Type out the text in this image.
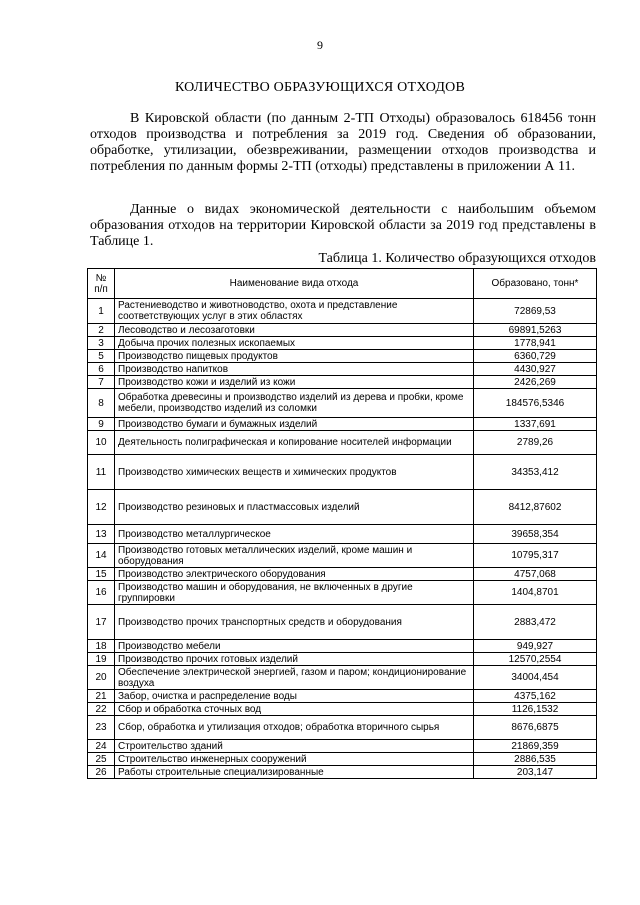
9
КОЛИЧЕСТВО ОБРАЗУЮЩИХСЯ ОТХОДОВ

В Кировской области (по данным 2-ТП Отходы) образовалось 618456 тонн отходов производства и потребления за 2019 год. Сведения об образовании, обработке, утилизации, обезвреживании, размещении отходов производства и потребления по данным формы 2-ТП (отходы) представлены в приложении А 11.

Данные о видах экономической деятельности с наибольшим объемом образования отходов на территории Кировской области за 2019 год представлены в Таблице 1.

Таблица 1. Количество образующихся отходов
№ п/п	Наименование вида отхода	Образовано, тонн*
1	Растениеводство и животноводство, охота и представление соответствующих услуг в этих областях	72869,53
2	Лесоводство и лесозаготовки	69891,5263
3	Добыча прочих полезных ископаемых	1778,941
5	Производство пищевых продуктов	6360,729
6	Производство напитков	4430,927
7	Производство кожи и изделий из кожи	2426,269
8	Обработка древесины и производство изделий из дерева и пробки, кроме мебели, производство изделий из соломки	184576,5346
9	Производство бумаги и бумажных изделий	1337,691
10	Деятельность полиграфическая и копирование носителей информации	2789,26
11	Производство химических веществ и химических продуктов	34353,412
12	Производство резиновых и пластмассовых изделий	8412,87602
13	Производство металлургическое	39658,354
14	Производство готовых металлических изделий, кроме машин и оборудования	10795,317
15	Производство электрического оборудования	4757,068
16	Производство машин и оборудования, не включенных в другие группировки	1404,8701
17	Производство прочих транспортных средств и оборудования	2883,472
18	Производство мебели	949,927
19	Производство прочих готовых изделий	12570,2554
20	Обеспечение электрической энергией, газом и паром; кондиционирование воздуха	34004,454
21	Забор, очистка и распределение воды	4375,162
22	Сбор и обработка сточных вод	1126,1532
23	Сбор, обработка и утилизация отходов; обработка вторичного сырья	8676,6875
24	Строительство зданий	21869,359
25	Строительство инженерных сооружений	2886,535
26	Работы строительные специализированные	203,147
